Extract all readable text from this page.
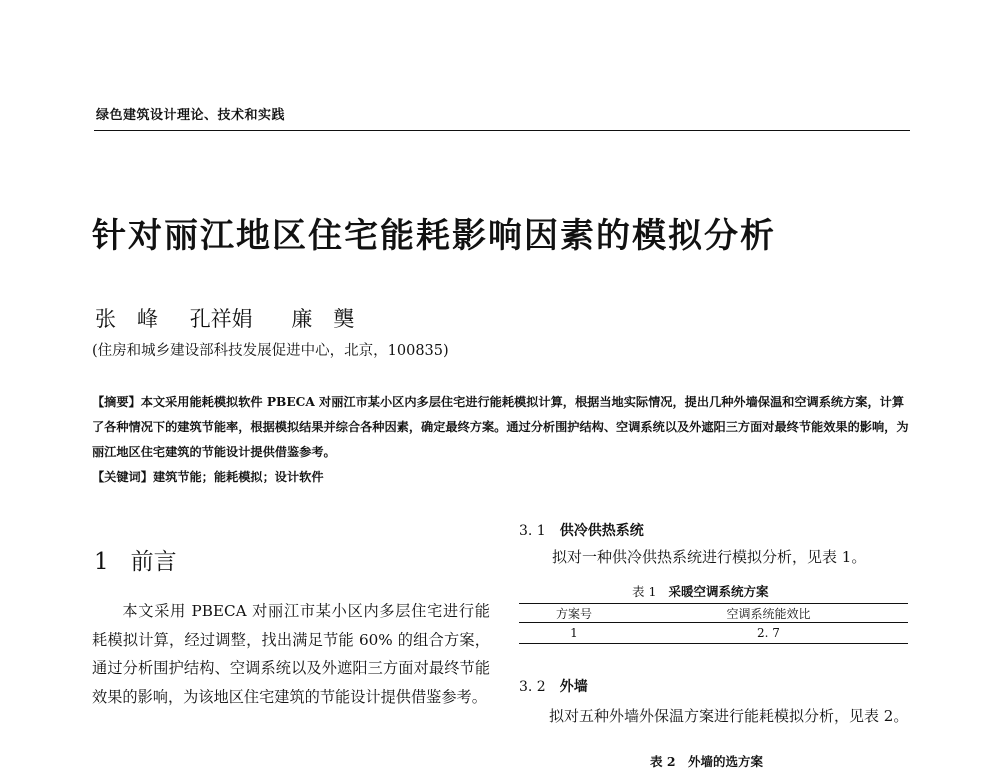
绿色建筑设计理论、技术和实践
针对丽江地区住宅能耗影响因素的模拟分析
张　峰 孔祥娟 廉　龑
(住房和城乡建设部科技发展促进中心，北京，100835)

【摘要】本文采用能耗模拟软件 PBECA 对丽江市某小区内多层住宅进行能耗模拟计算，根据当地实际情况，提出几种外墙保温和空调系统方案，计算了各种情况下的建筑节能率，根据模拟结果并综合各种因素，确定最终方案。通过分析围护结构、空调系统以及外遮阳三方面对最终节能效果的影响，为丽江地区住宅建筑的节能设计提供借鉴参考。

【关键词】建筑节能；能耗模拟；设计软件

1 前言
本文采用 PBECA 对丽江市某小区内多层住宅进行能耗模拟计算，经过调整，找出满足节能 60% 的组合方案，通过分析围护结构、空调系统以及外遮阳三方面对最终节能效果的影响，为该地区住宅建筑的节能设计提供借鉴参考。
3. 1 供冷供热系统
拟对一种供冷供热系统进行模拟分析，见表 1。
表 1 采暖空调系统方案
方案号	空调系统能效比
1	2. 7
3. 2 外墙
拟对五种外墙外保温方案进行能耗模拟分析，见表 2。
表 2　外墙的选方案
